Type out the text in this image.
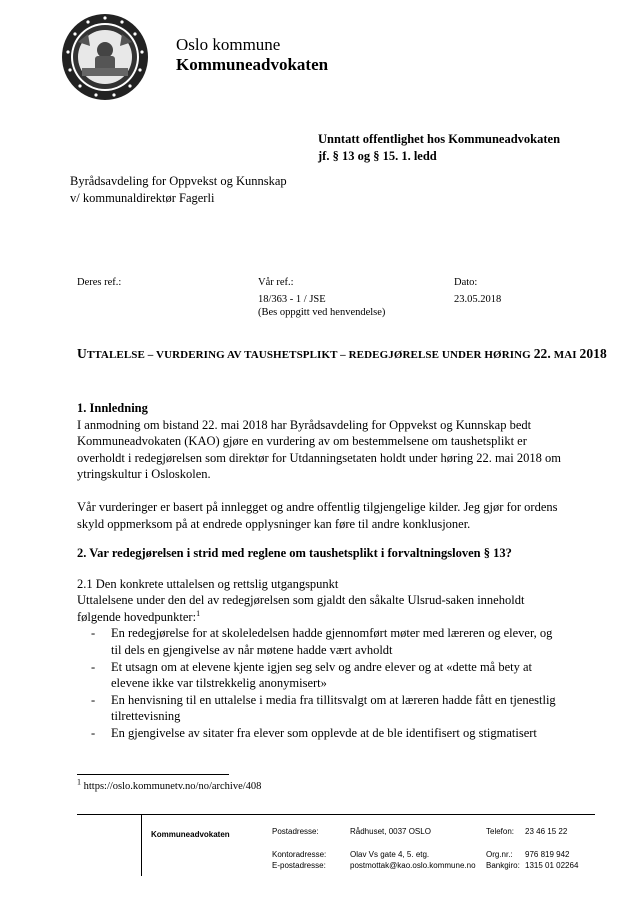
Oslo kommune
Kommuneadvokaten
Unntatt offentlighet hos Kommuneadvokaten
jf. § 13 og § 15. 1. ledd
Byrådsavdeling for Oppvekst og Kunnskap
v/ kommunaldirektør Fagerli
Deres ref.:	Vår ref.:
18/363 - 1 / JSE
(Bes oppgitt ved henvendelse)
Dato:
23.05.2018
UTTALELSE – VURDERING AV TAUSHETSPLIKT – REDEGJØRELSE UNDER HØRING 22. MAI 2018

1. Innledning

I anmodning om bistand 22. mai 2018 har Byrådsavdeling for Oppvekst og Kunnskap bedt
Kommuneadvokaten (KAO) gjøre en vurdering av om bestemmelsene om taushetsplikt er
overholdt i redegjørelsen som direktør for Utdanningsetaten holdt under høring 22. mai 2018 om
ytringskultur i Osloskolen.

Vår vurderinger er basert på innlegget og andre offentlig tilgjengelige kilder. Jeg gjør for ordens
skyld oppmerksom på at endrede opplysninger kan føre til andre konklusjoner.

2. Var redegjørelsen i strid med reglene om taushetsplikt i forvaltningsloven § 13?

2.1 Den konkrete uttalelsen og rettslig utgangspunkt

Uttalelsene under den del av redegjørelsen som gjaldt den såkalte Ulsrud-saken inneholdt
følgende hovedpunkter:$^1$

- En redegjørelse for at skoleledelsen hadde gjennomført møter med læreren og elever, og
til dels en gjengivelse av når møtene hadde vært avholdt
- Et utsagn om at elevene kjente igjen seg selv og andre elever og at «dette må bety at
elevene ikke var tilstrekkelig anonymisert»
- En henvisning til en uttalelse i media fra tillitsvalgt om at læreren hadde fått en tjenestlig
tilrettevisning
- En gjengivelse av sitater fra elever som opplevde at de ble identifisert og stigmatisert
$^1$ https://oslo.kommunetv.no/no/archive/408
Kommuneadvokaten	Postadresse:
Kontoradresse:
E-postadresse:
Rådhuset, 0037 OSLO
Olav Vs gate 4, 5. etg.
postmottak@kao.oslo.kommune.no
Telefon:
Org.nr.:
Bankgiro:
23 46 15 22
976 819 942
1315 01 02264
